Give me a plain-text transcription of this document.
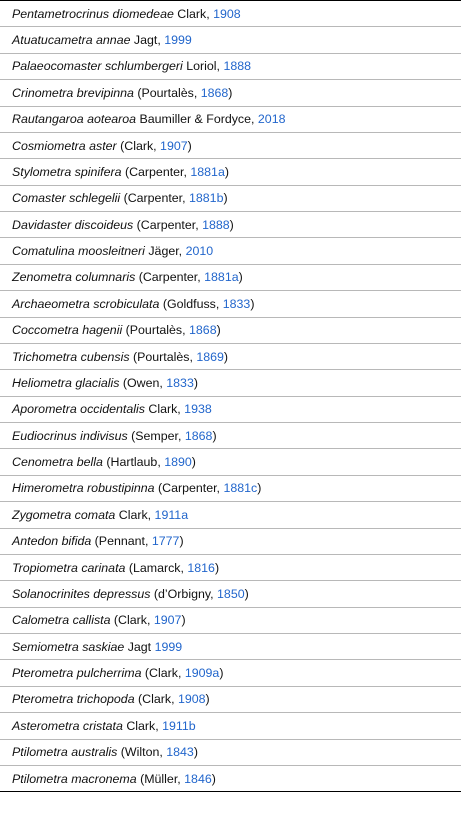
Pentametrocrinus diomedeae Clark, 1908
Atuatucametra annae Jagt, 1999
Palaeocomaster schlumbergeri Loriol, 1888
Crinometra brevipinna (Pourtalès, 1868 )
Rautangaroa aotearoa Baumiller & Fordyce, 2018
Cosmiometra aster (Clark, 1907 )
Stylometra spinifera (Carpenter, 1881a )
Comaster schlegelii (Carpenter, 1881b )
Davidaster discoideus (Carpenter, 1888 )
Comatulina moosleitneri Jäger, 2010
Zenometra columnaris (Carpenter, 1881a )
Archaeometra scrobiculata (Goldfuss, 1833 )
Coccometra hagenii (Pourtalès, 1868 )
Trichometra cubensis (Pourtalès, 1869 )
Heliometra glacialis (Owen, 1833 )
Aporometra occidentalis Clark, 1938
Eudiocrinus indivisus (Semper, 1868 )
Cenometra bella (Hartlaub, 1890 )
Himerometra robustipinna (Carpenter, 1881c )
Zygometra comata Clark, 1911a
Antedon bifida (Pennant, 1777 )
Tropiometra carinata (Lamarck, 1816 )
Solanocrinites depressus (d’Orbigny, 1850 )
Calometra callista (Clark, 1907 )
Semiometra saskiae Jagt 1999
Pterometra pulcherrima (Clark, 1909a )
Pterometra trichopoda (Clark, 1908 )
Asterometra cristata Clark, 1911b
Ptilometra australis (Wilton, 1843 )
Ptilometra macronema (Müller, 1846 )
